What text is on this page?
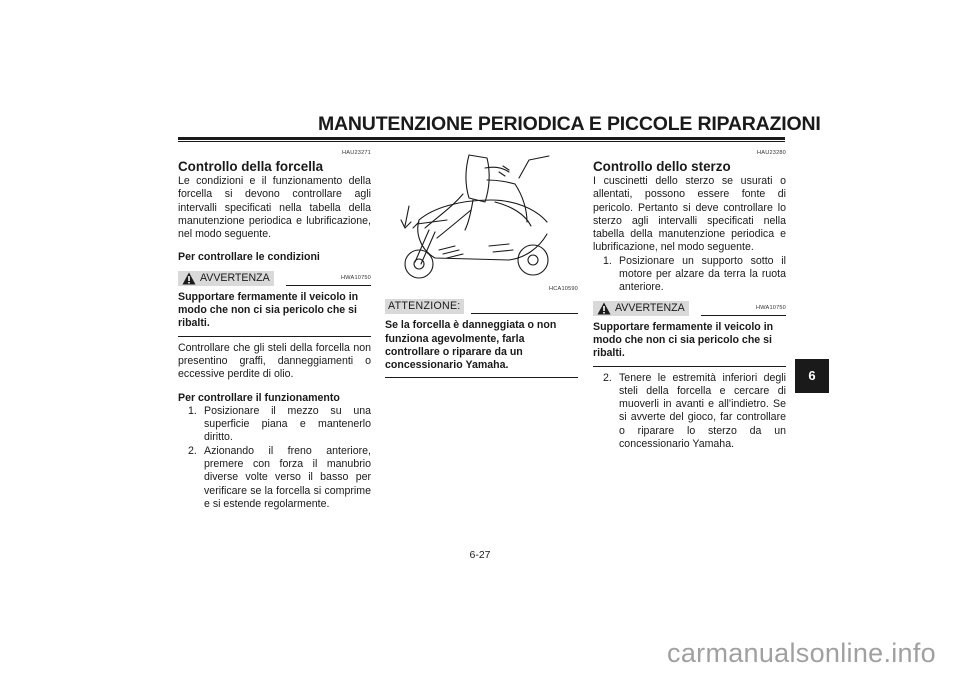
MANUTENZIONE PERIODICA E PICCOLE RIPARAZIONI
HAU23271
Controllo della forcella

Le condizioni e il funzionamento della forcella si devono controllare agli intervalli specificati nella tabella della manutenzione periodica e lubrificazione, nel modo seguente.

Per controllare le condizioni
AVVERTENZA	HWA10750
Supportare fermamente il veicolo in modo che non ci sia pericolo che si ribalti.

Controllare che gli steli della forcella non presentino graffi, danneggiamenti o eccessive perdite di olio.

Per controllare il funzionamento
1. Posizionare il mezzo su una superficie piana e mantenerlo diritto.
2. Azionando il freno anteriore, premere con forza il manubrio diverse volte verso il basso per verificare se la forcella si comprime e si estende regolarmente.
HCA10590
ATTENZIONE:
Se la forcella è danneggiata o non funziona agevolmente, farla controllare o riparare da un concessionario Yamaha.
HAU23280
Controllo dello sterzo

I cuscinetti dello sterzo se usurati o allentati, possono essere fonte di pericolo. Pertanto si deve controllare lo sterzo agli intervalli specificati nella tabella della manutenzione periodica e lubrificazione, nel modo seguente.

1. Posizionare un supporto sotto il motore per alzare da terra la ruota anteriore.
AVVERTENZA	HWA10750
Supportare fermamente il veicolo in modo che non ci sia pericolo che si ribalti.
2. Tenere le estremità inferiori degli steli della forcella e cercare di muoverli in avanti e all’indietro. Se si avverte del gioco, far controllare o riparare lo sterzo da un concessionario Yamaha.
6
6-27
carmanualsonline.info
